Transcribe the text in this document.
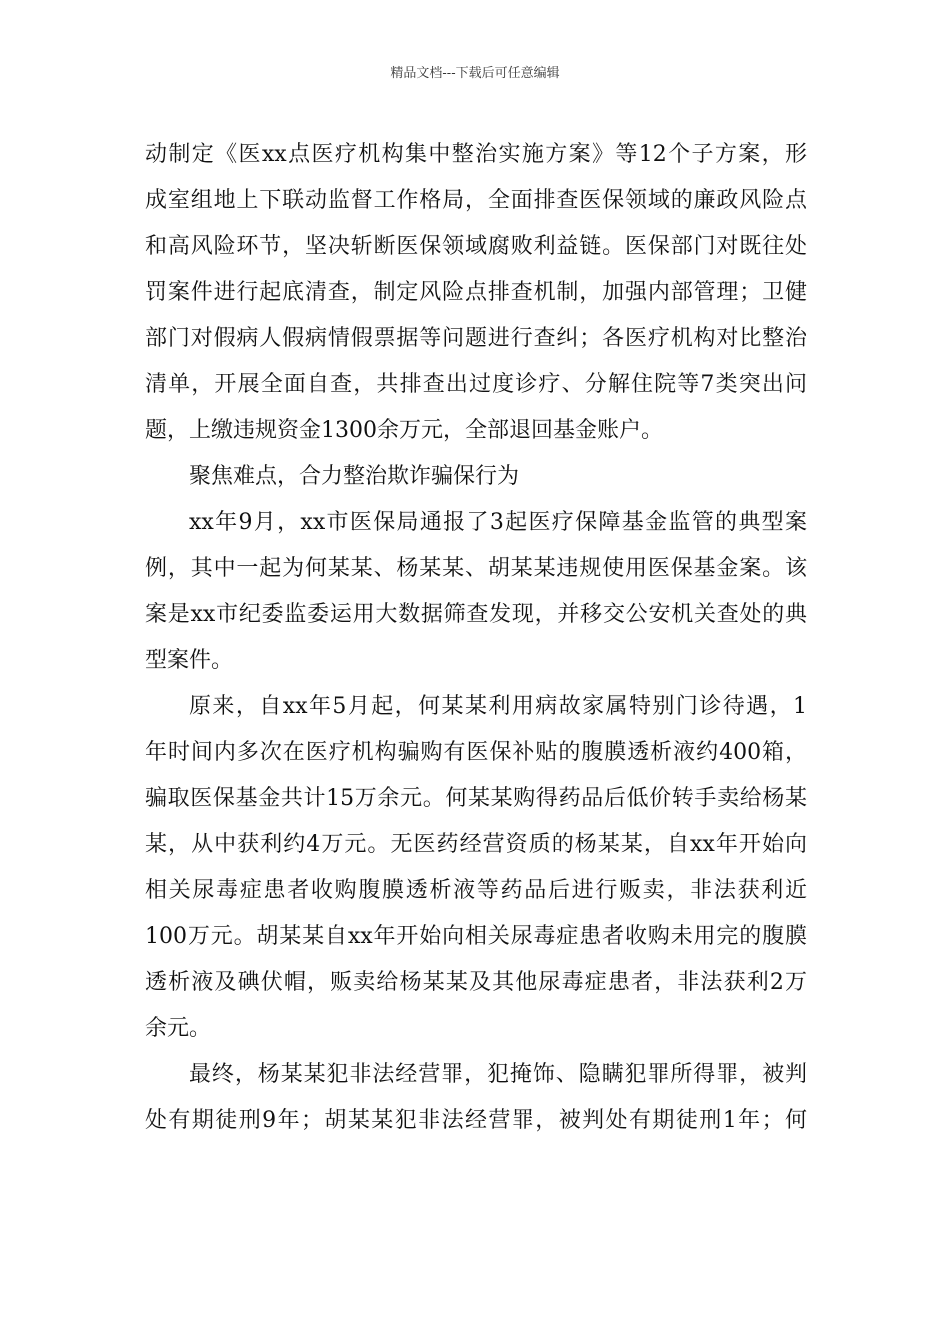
精品文档---下载后可任意编辑
动制定《医xx点医疗机构集中整治实施方案》等12个子方案，形
成室组地上下联动监督工作格局，全面排查医保领域的廉政风险点
和高风险环节，坚决斩断医保领域腐败利益链。医保部门对既往处
罚案件进行起底清查，制定风险点排查机制，加强内部管理；卫健
部门对假病人假病情假票据等问题进行查纠；各医疗机构对比整治
清单，开展全面自查，共排查出过度诊疗、分解住院等7类突出问
题，上缴违规资金1300余万元，全部退回基金账户。
聚焦难点，合力整治欺诈骗保行为
xx年9月，xx市医保局通报了3起医疗保障基金监管的典型案
例，其中一起为何某某、杨某某、胡某某违规使用医保基金案。该
案是xx市纪委监委运用大数据筛查发现，并移交公安机关查处的典
型案件。
原来，自xx年5月起，何某某利用病故家属特别门诊待遇，1
年时间内多次在医疗机构骗购有医保补贴的腹膜透析液约400箱，
骗取医保基金共计15万余元。何某某购得药品后低价转手卖给杨某
某，从中获利约4万元。无医药经营资质的杨某某，自xx年开始向
相关尿毒症患者收购腹膜透析液等药品后进行贩卖，非法获利近
100万元。胡某某自xx年开始向相关尿毒症患者收购未用完的腹膜
透析液及碘伏帽，贩卖给杨某某及其他尿毒症患者，非法获利2万
余元。
最终，杨某某犯非法经营罪，犯掩饰、隐瞒犯罪所得罪，被判
处有期徒刑9年；胡某某犯非法经营罪，被判处有期徒刑1年；何
